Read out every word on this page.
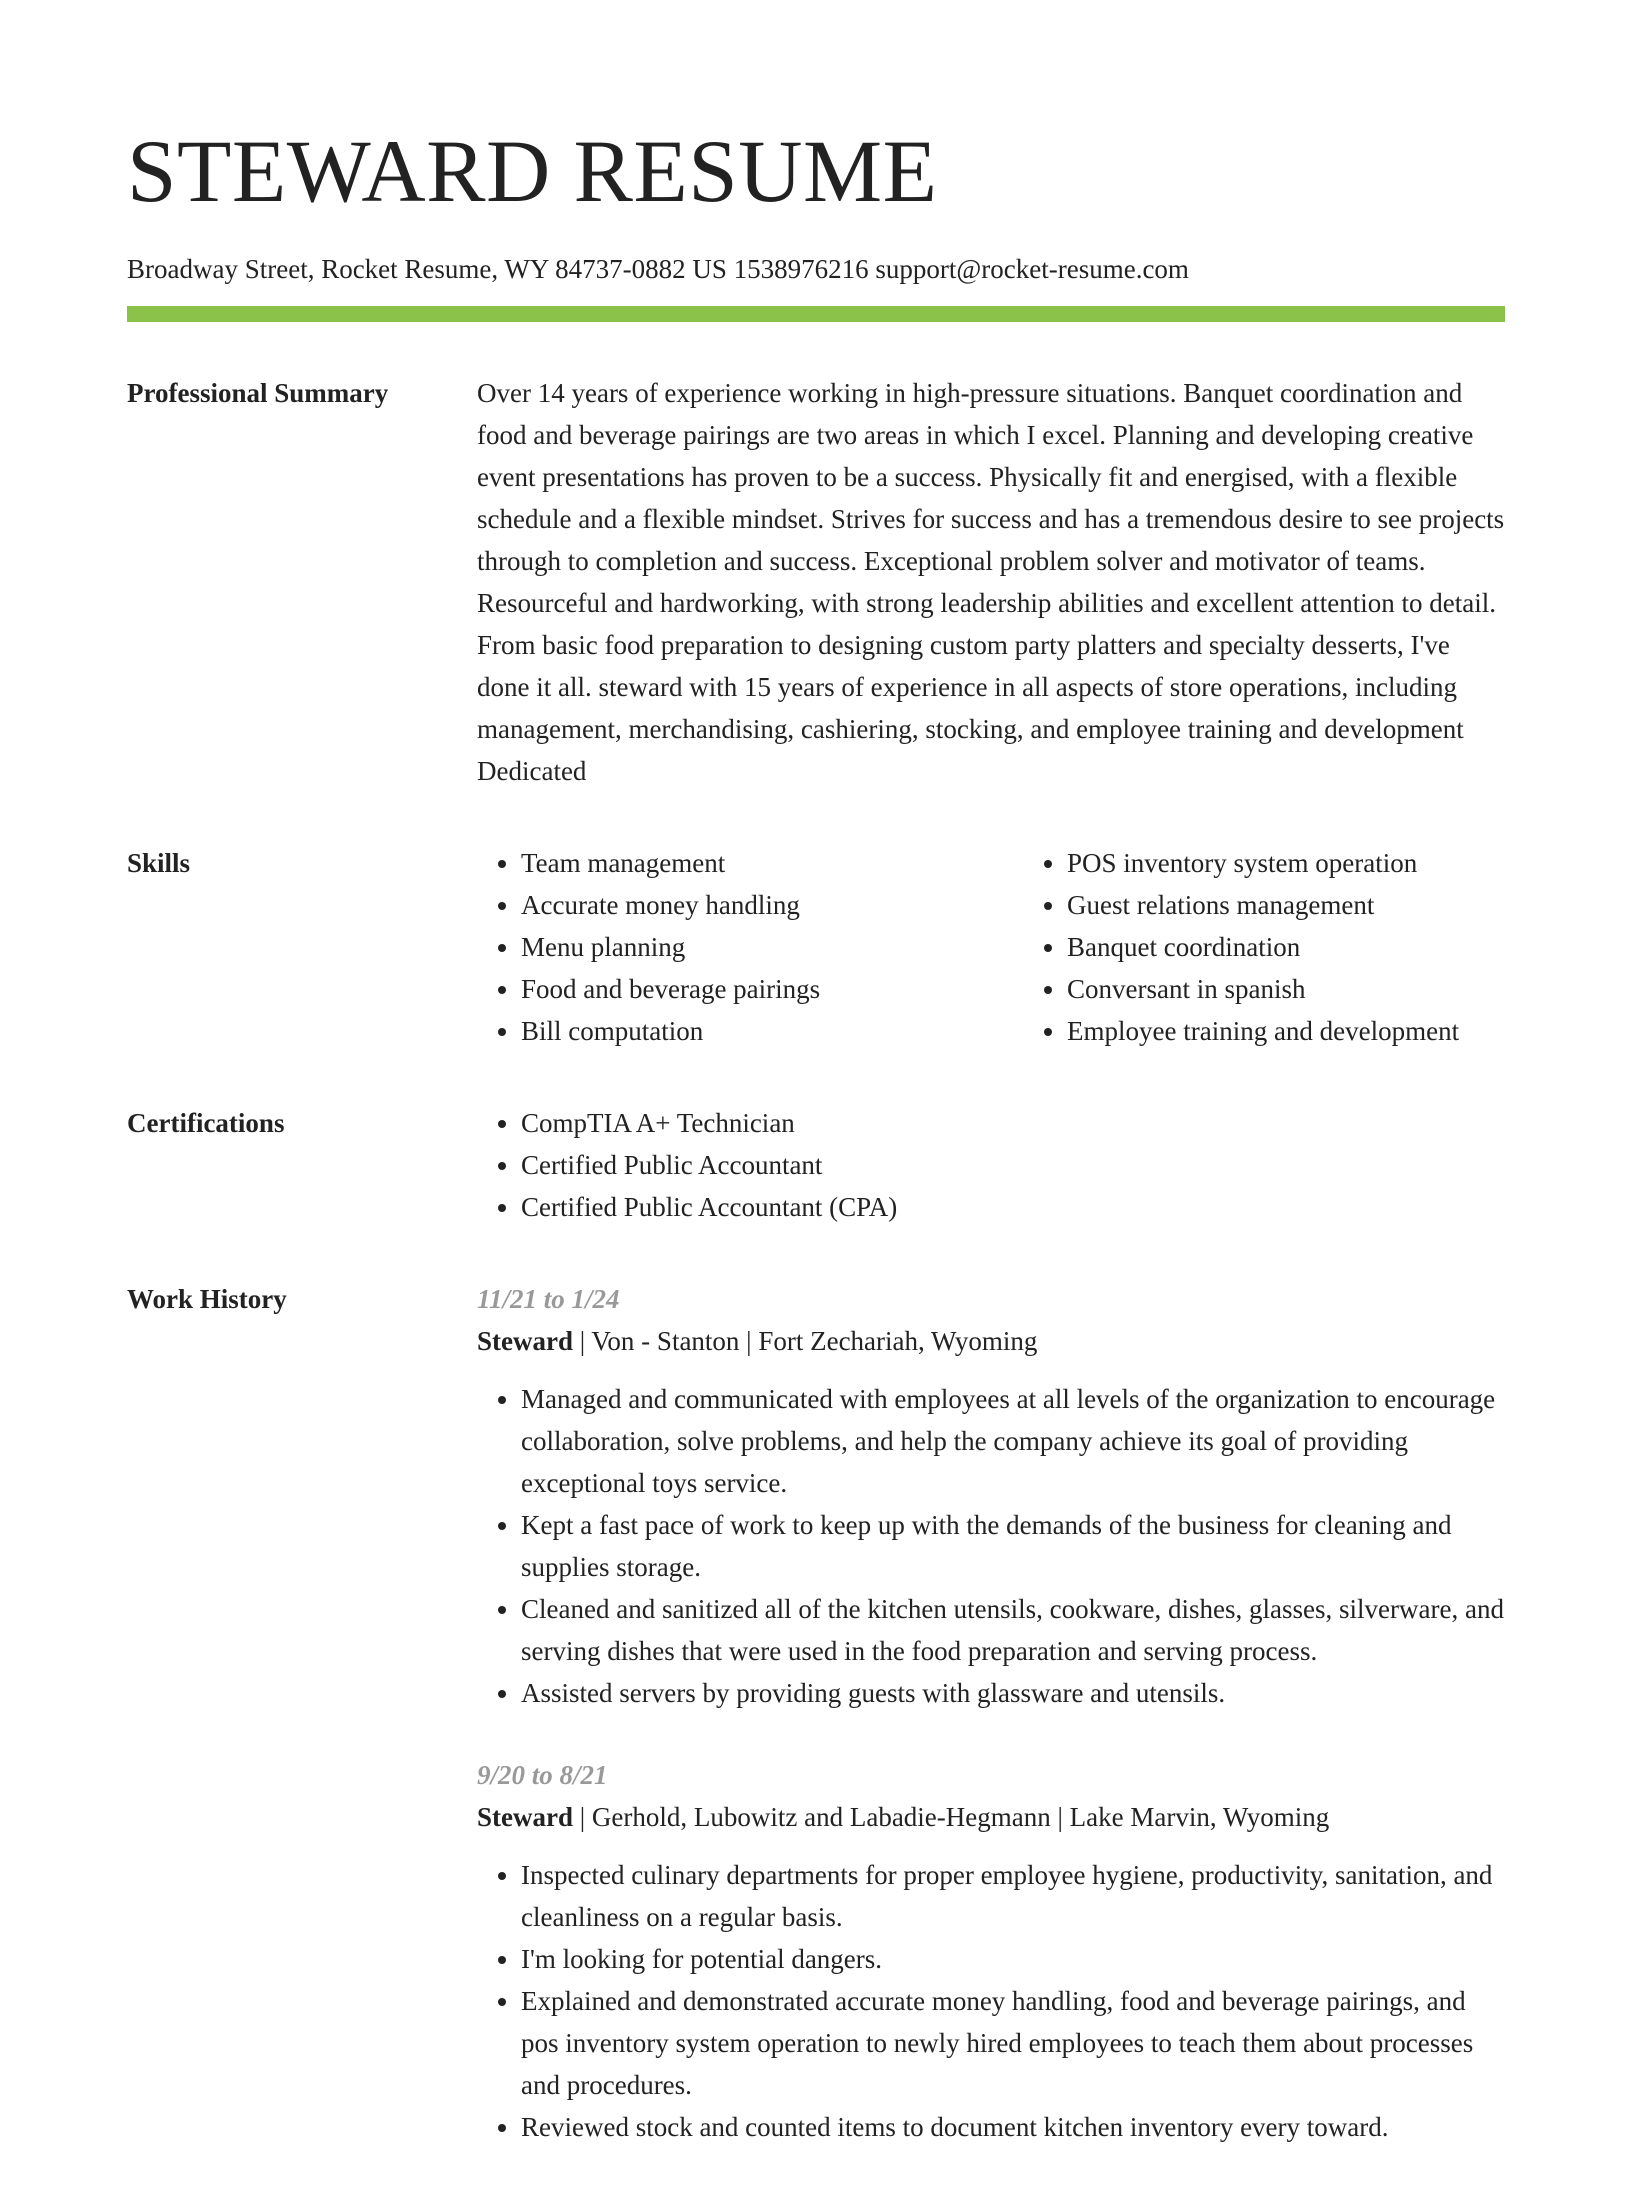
STEWARD RESUME
Broadway Street, Rocket Resume, WY 84737-0882 US 1538976216 support@rocket-resume.com
Professional Summary	Over 14 years of experience working in high-pressure situations. Banquet coordination and food and beverage pairings are two areas in which I excel. Planning and developing creative event presentations has proven to be a success. Physically fit and energised, with a flexible schedule and a flexible mindset. Strives for success and has a tremendous desire to see projects through to completion and success. Exceptional problem solver and motivator of teams. Resourceful and hardworking, with strong leadership abilities and excellent attention to detail. From basic food preparation to designing custom party platters and specialty desserts, I've done it all. steward with 15 years of experience in all aspects of store operations, including management, merchandising, cashiering, stocking, and employee training and development Dedicated

Skills	• Team management
• Accurate money handling
• Menu planning
• Food and beverage pairings
• Bill computation
• POS inventory system operation
• Guest relations management
• Banquet coordination
• Conversant in spanish
• Employee training and development
Certifications	• CompTIA A+ Technician
• Certified Public Accountant
• Certified Public Accountant (CPA)
Work History	11/21 to 1/24
Steward | Von - Stanton | Fort Zechariah, Wyoming
• Managed and communicated with employees at all levels of the organization to encourage collaboration, solve problems, and help the company achieve its goal of providing exceptional toys service.
• Kept a fast pace of work to keep up with the demands of the business for cleaning and supplies storage.
• Cleaned and sanitized all of the kitchen utensils, cookware, dishes, glasses, silverware, and serving dishes that were used in the food preparation and serving process.
• Assisted servers by providing guests with glassware and utensils.
9/20 to 8/21
Steward | Gerhold, Lubowitz and Labadie-Hegmann | Lake Marvin, Wyoming
• Inspected culinary departments for proper employee hygiene, productivity, sanitation, and cleanliness on a regular basis.
• I'm looking for potential dangers.
• Explained and demonstrated accurate money handling, food and beverage pairings, and pos inventory system operation to newly hired employees to teach them about processes and procedures.
• Reviewed stock and counted items to document kitchen inventory every toward.
